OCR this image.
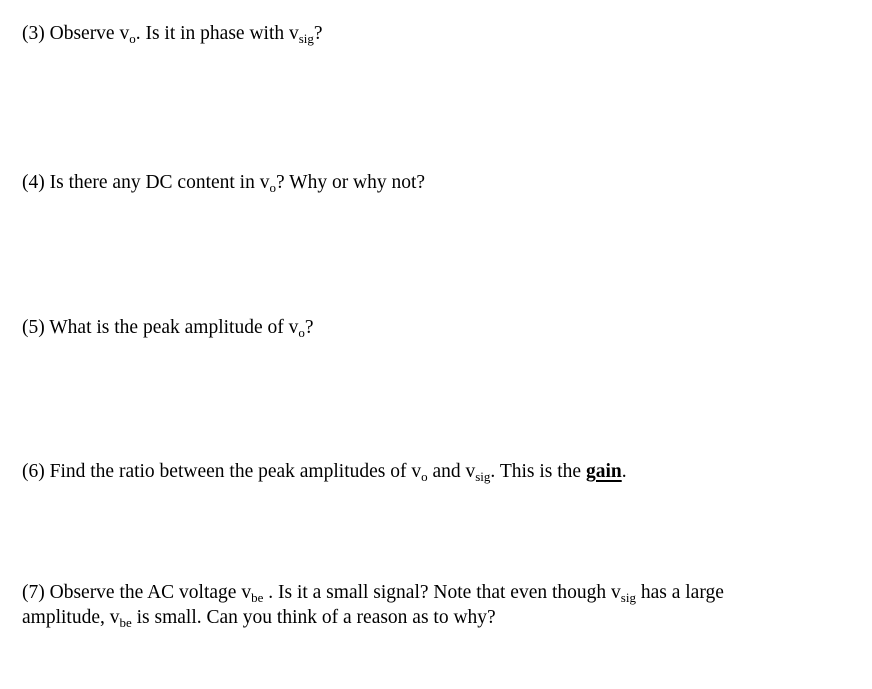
(3) Observe $v_o$. Is it in phase with $v_{sig}$?

(4) Is there any DC content in $v_o$? Why or why not?

(5) What is the peak amplitude of $v_o$?

(6) Find the ratio between the peak amplitudes of $v_o$ and $v_{sig}$. This is the gain.

(7) Observe the AC voltage $v_{be}$ . Is it a small signal? Note that even though $v_{sig}$ has a large
amplitude, $v_{be}$ is small. Can you think of a reason as to why?
